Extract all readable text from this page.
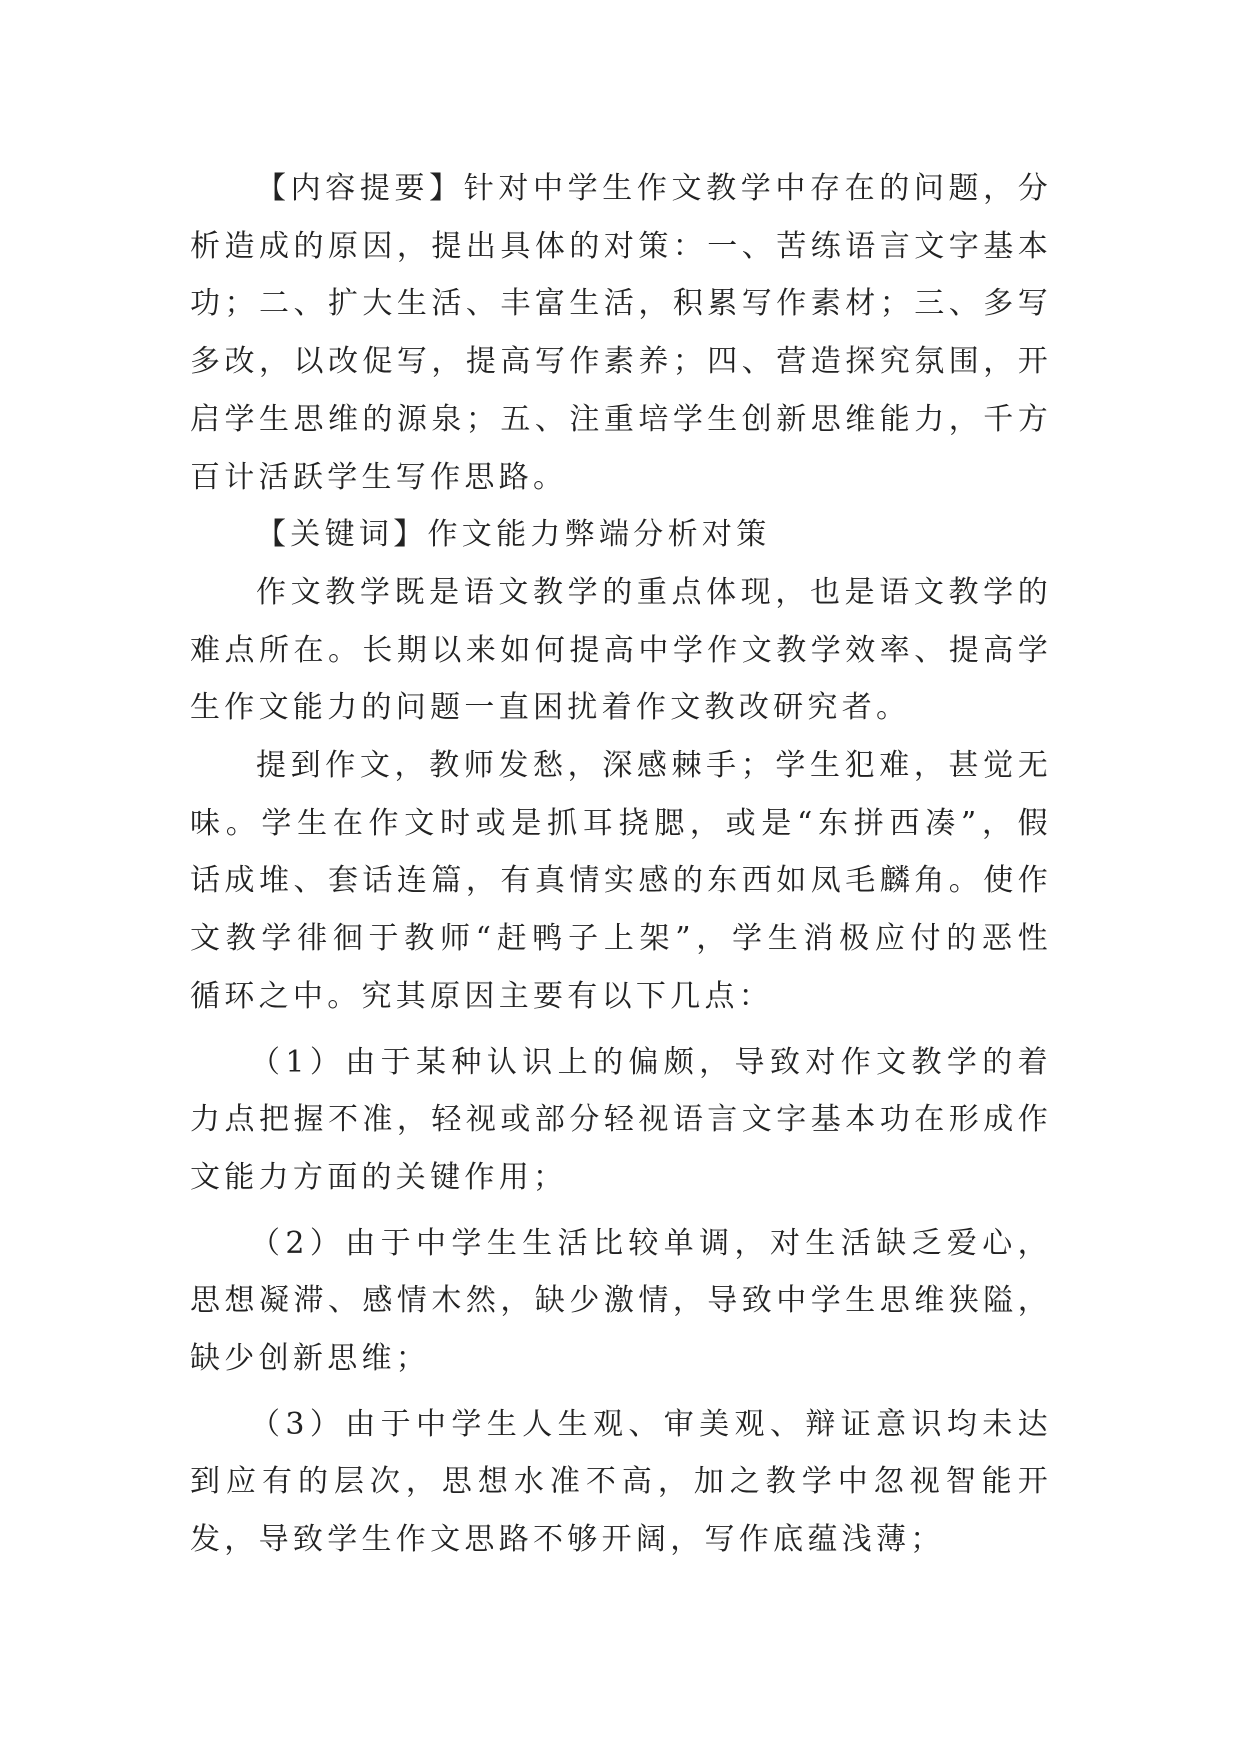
【内容提要】针对中学生作文教学中存在的问题，分析造成的原因，提出具体的对策：一、苦练语言文字基本功；二、扩大生活、丰富生活，积累写作素材；三、多写多改，以改促写，提高写作素养；四、营造探究氛围，开启学生思维的源泉；五、注重培学生创新思维能力，千方百计活跃学生写作思路。

【关键词】作文能力弊端分析对策

作文教学既是语文教学的重点体现，也是语文教学的难点所在。长期以来如何提高中学作文教学效率、提高学生作文能力的问题一直困扰着作文教改研究者。

提到作文，教师发愁，深感棘手；学生犯难，甚觉无味。学生在作文时或是抓耳挠腮，或是“东拼西凑”，假话成堆、套话连篇，有真情实感的东西如凤毛麟角。使作文教学徘徊于教师“赶鸭子上架”，学生消极应付的恶性循环之中。究其原因主要有以下几点：

（1）由于某种认识上的偏颇，导致对作文教学的着力点把握不准，轻视或部分轻视语言文字基本功在形成作文能力方面的关键作用；

（2）由于中学生生活比较单调，对生活缺乏爱心，思想凝滞、感情木然，缺少激情，导致中学生思维狭隘，缺少创新思维；

（3）由于中学生人生观、审美观、辩证意识均未达到应有的层次，思想水准不高，加之教学中忽视智能开发，导致学生作文思路不够开阔，写作底蕴浅薄；
